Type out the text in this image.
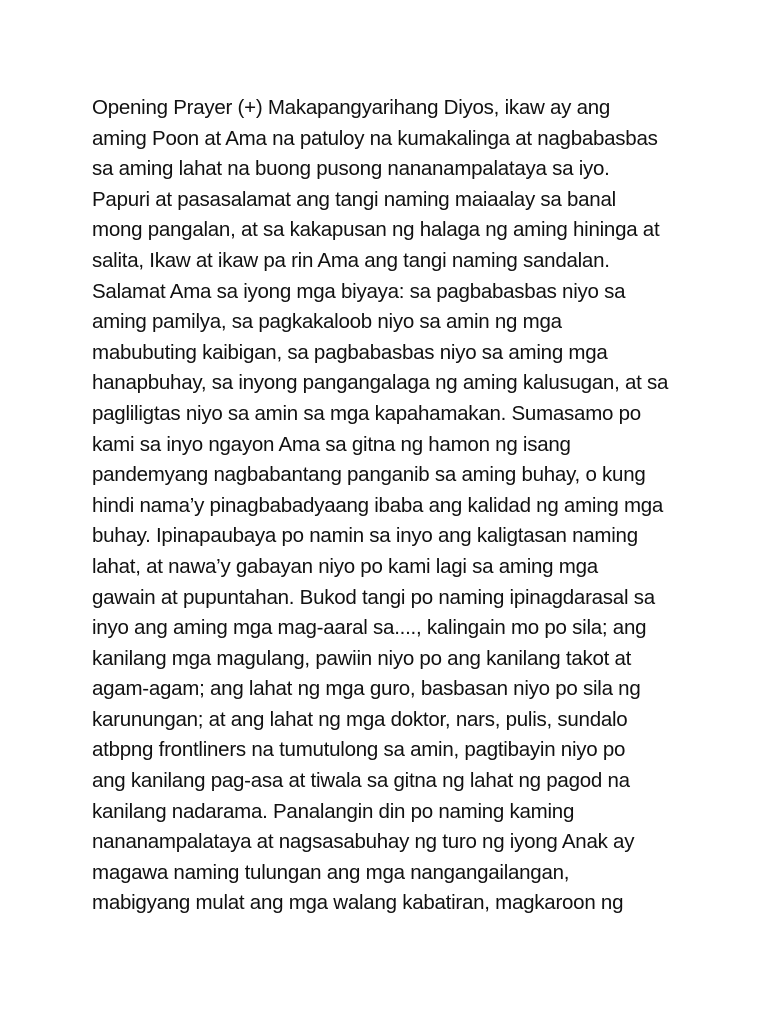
Opening Prayer (+) Makapangyarihang Diyos, ikaw ay ang
aming Poon at Ama na patuloy na kumakalinga at nagbabasbas
sa aming lahat na buong pusong nananampalataya sa iyo.
Papuri at pasasalamat ang tangi naming maiaalay sa banal
mong pangalan, at sa kakapusan ng halaga ng aming hininga at
salita, Ikaw at ikaw pa rin Ama ang tangi naming sandalan.
Salamat Ama sa iyong mga biyaya: sa pagbabasbas niyo sa
aming pamilya, sa pagkakaloob niyo sa amin ng mga
mabubuting kaibigan, sa pagbabasbas niyo sa aming mga
hanapbuhay, sa inyong pangangalaga ng aming kalusugan, at sa
pagliligtas niyo sa amin sa mga kapahamakan. Sumasamo po
kami sa inyo ngayon Ama sa gitna ng hamon ng isang
pandemyang nagbabantang panganib sa aming buhay, o kung
hindi nama’y pinagbabadyaang ibaba ang kalidad ng aming mga
buhay. Ipinapaubaya po namin sa inyo ang kaligtasan naming
lahat, at nawa’y gabayan niyo po kami lagi sa aming mga
gawain at pupuntahan. Bukod tangi po naming ipinagdarasal sa
inyo ang aming mga mag-aaral sa...., kalingain mo po sila; ang
kanilang mga magulang, pawiin niyo po ang kanilang takot at
agam-agam; ang lahat ng mga guro, basbasan niyo po sila ng
karunungan; at ang lahat ng mga doktor, nars, pulis, sundalo
atbpng frontliners na tumutulong sa amin, pagtibayin niyo po
ang kanilang pag-asa at tiwala sa gitna ng lahat ng pagod na
kanilang nadarama. Panalangin din po naming kaming
nananampalataya at nagsasabuhay ng turo ng iyong Anak ay
magawa naming tulungan ang mga nangangailangan,
mabigyang mulat ang mga walang kabatiran, magkaroon ng
